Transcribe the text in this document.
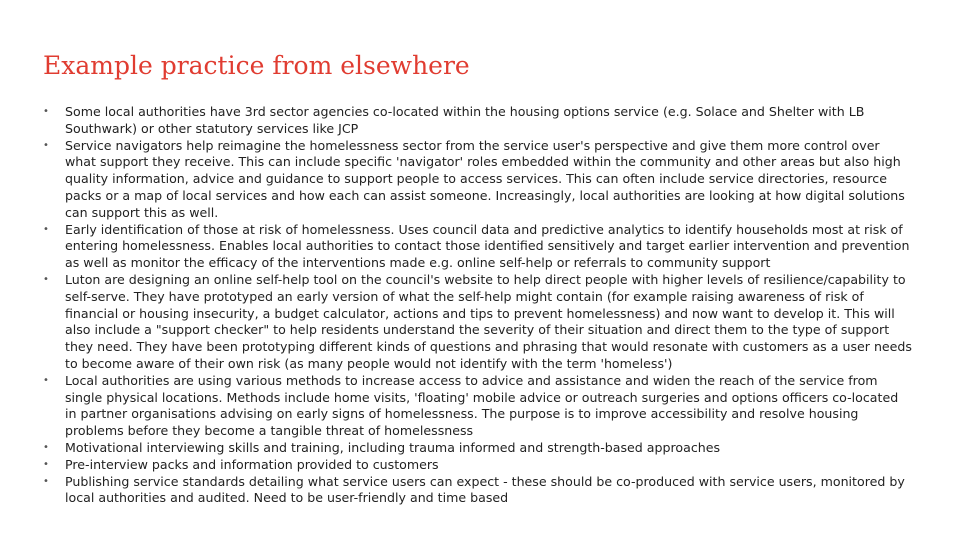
Example practice from elsewhere
•	Some local authorities have 3rd sector agencies co-located within the housing options service (e.g. Solace and Shelter with LB Southwark) or other statutory services like JCP
•	Service navigators help reimagine the homelessness sector from the service user's perspective and give them more control over what support they receive. This can include specific 'navigator' roles embedded within the community and other areas but also high quality information, advice and guidance to support people to access services. This can often include service directories, resource packs or a map of local services and how each can assist someone. Increasingly, local authorities are looking at how digital solutions can support this as well.
•	Early identification of those at risk of homelessness. Uses council data and predictive analytics to identify households most at risk of entering homelessness. Enables local authorities to contact those identified sensitively and target earlier intervention and prevention as well as monitor the efficacy of the interventions made e.g. online self-help or referrals to community support
•	Luton are designing an online self-help tool on the council's website to help direct people with higher levels of resilience/capability to self-serve. They have prototyped an early version of what the self-help might contain (for example raising awareness of risk of financial or housing insecurity, a budget calculator, actions and tips to prevent homelessness) and now want to develop it. This will also include a "support checker" to help residents understand the severity of their situation and direct them to the type of support they need. They have been prototyping different kinds of questions and phrasing that would resonate with customers as a user needs to become aware of their own risk (as many people would not identify with the term 'homeless')
•	Local authorities are using various methods to increase access to advice and assistance and widen the reach of the service from single physical locations. Methods include home visits, 'floating' mobile advice or outreach surgeries and options officers co-located in partner organisations advising on early signs of homelessness. The purpose is to improve accessibility and resolve housing problems before they become a tangible threat of homelessness
•	Motivational interviewing skills and training, including trauma informed and strength-based approaches
•	Pre-interview packs and information provided to customers
•	Publishing service standards detailing what service users can expect - these should be co-produced with service users, monitored by local authorities and audited. Need to be user-friendly and time based
